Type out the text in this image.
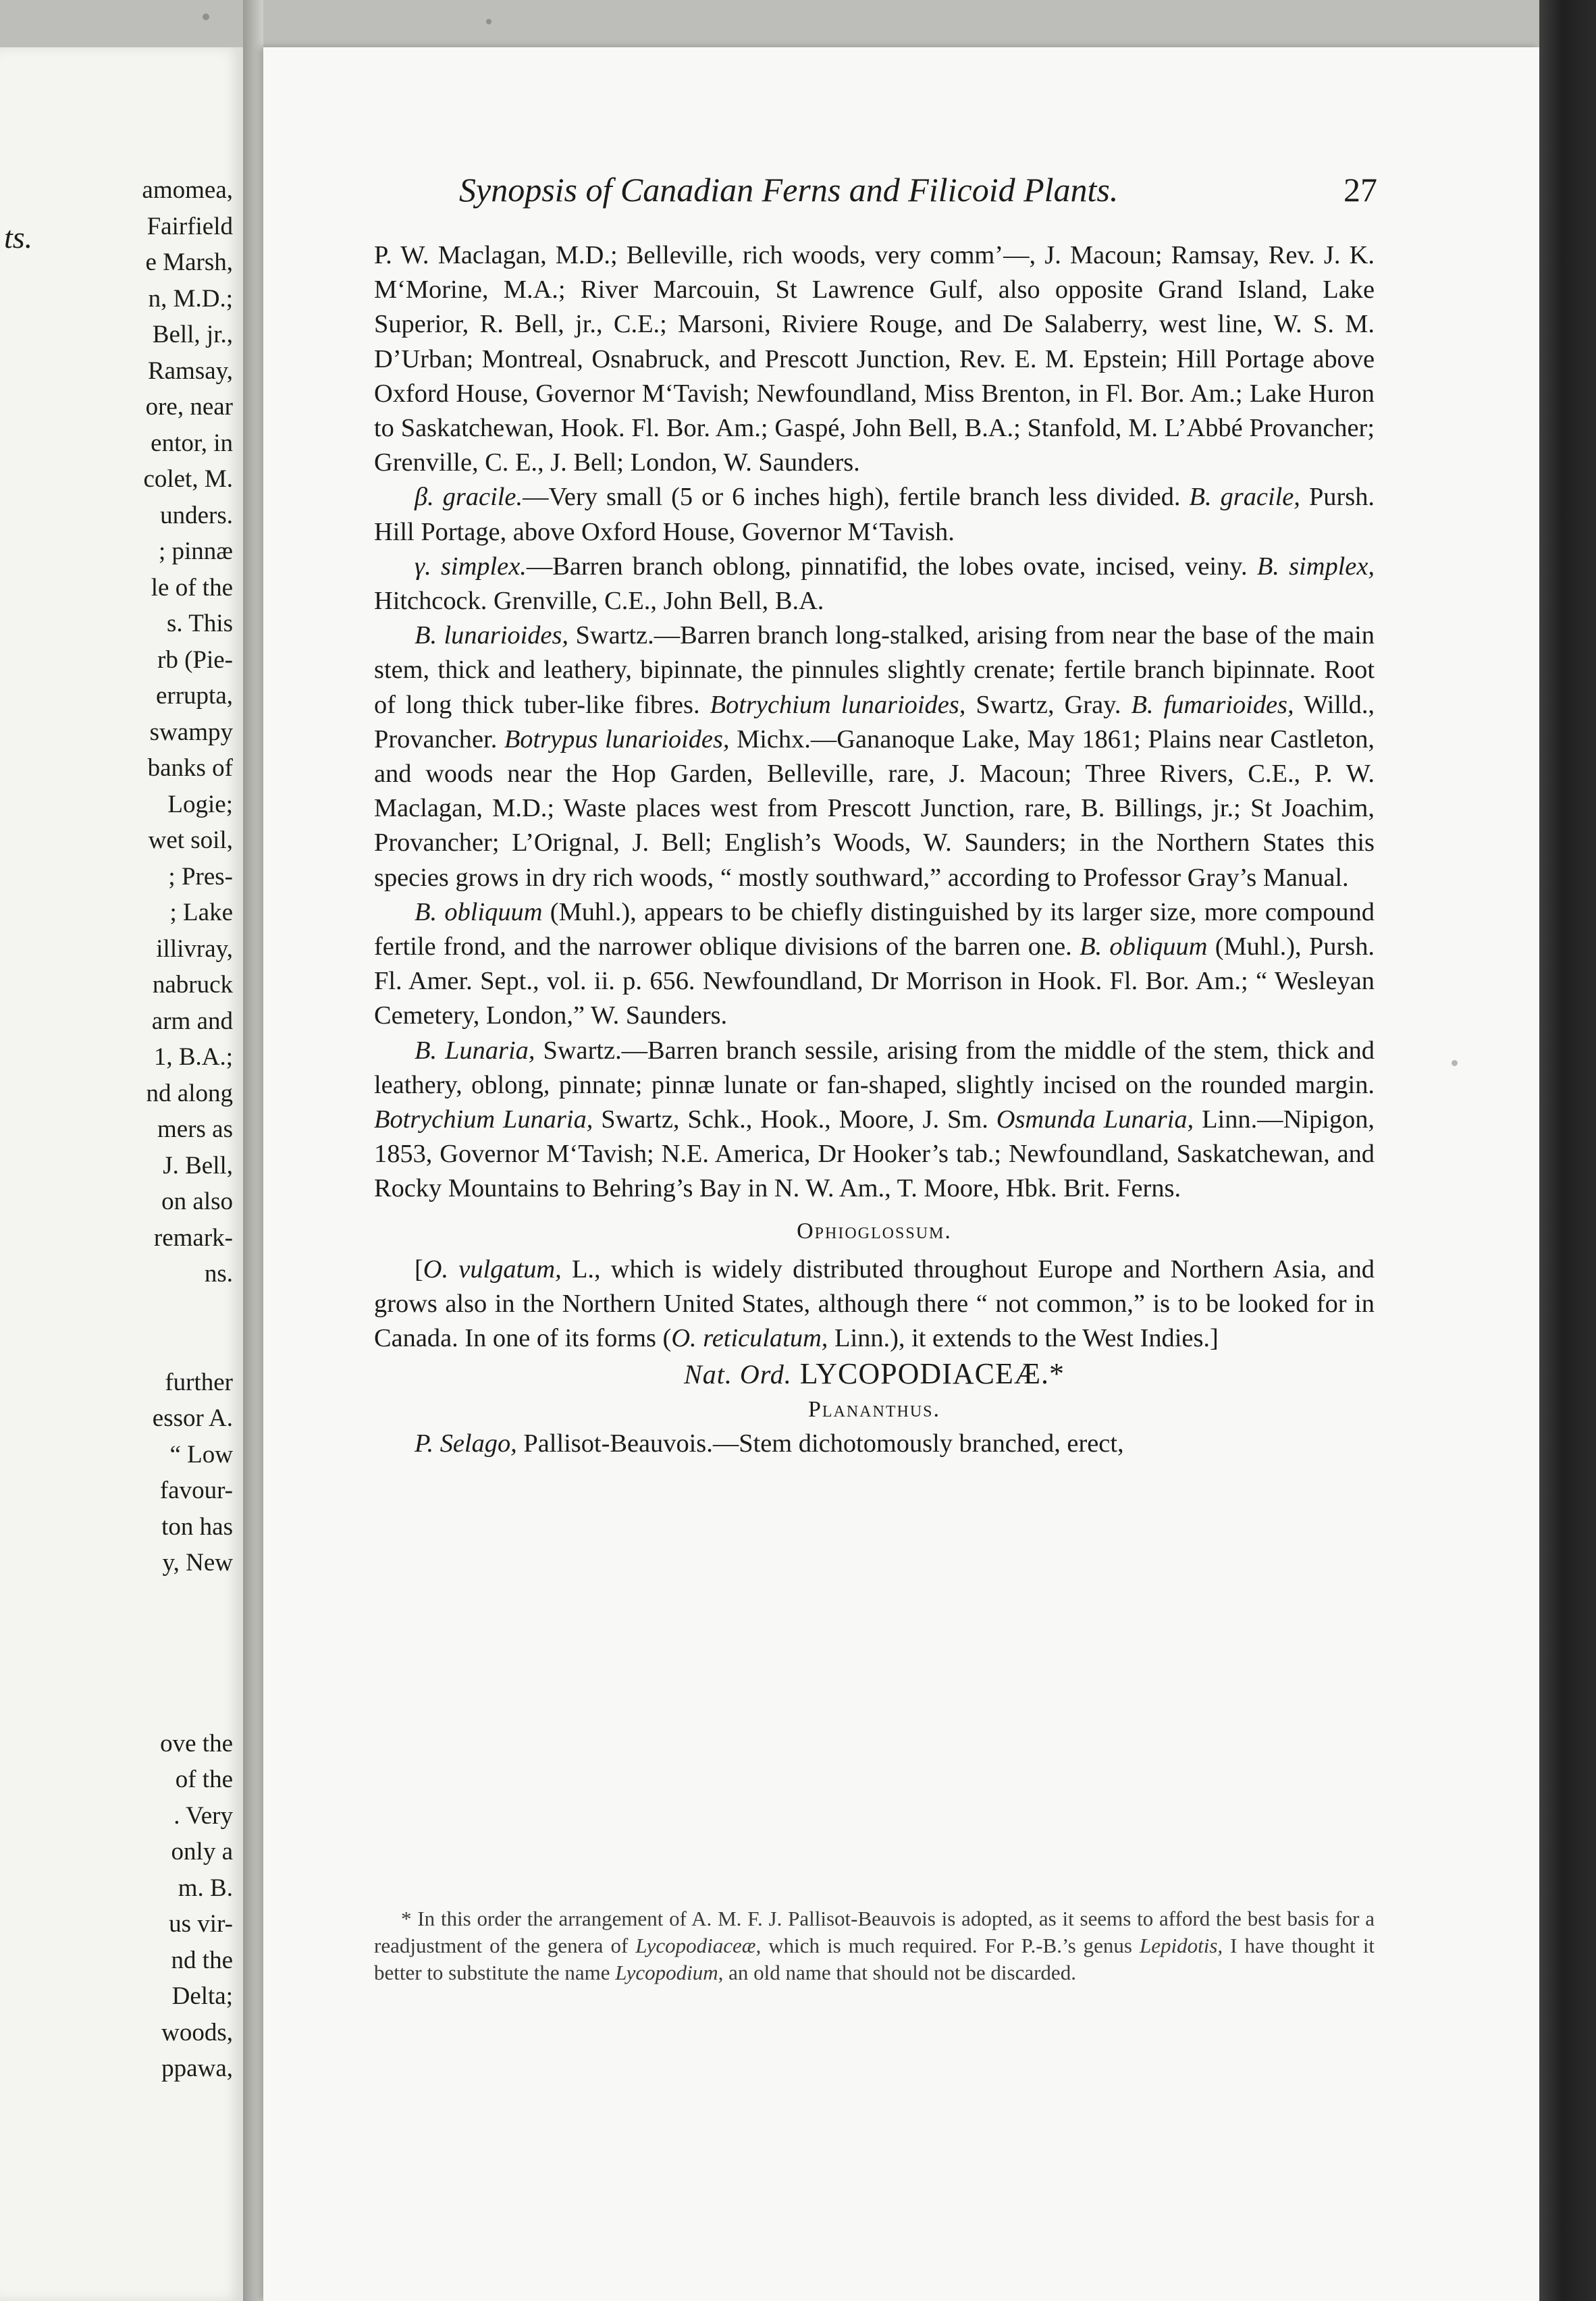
ts.
amomea,
Fairfield
e Marsh,
n, M.D.;
Bell, jr.,
Ramsay,
ore, near
entor, in
colet, M.
unders.
; pinnæ
le of the
s. This
rb (Pie-
errupta,
swampy
banks of
Logie;
wet soil,
; Pres-
; Lake
illivray,
nabruck
arm and
1, B.A.;
nd along
mers as
J. Bell,
on also
remark-
ns.
further
essor A.
“ Low
favour-
ton has
y, New
ove the
of the
. Very
only a
m. B.
us vir-
nd the
Delta;
woods,
ppawa,
Synopsis of Canadian Ferns and Filicoid Plants.	27

P. W. Maclagan, M.D.; Belleville, rich woods, very comm’—, J. Macoun; Ramsay, Rev. J. K. M‘Morine, M.A.; River Marcouin, St Lawrence Gulf, also opposite Grand Island, Lake Superior, R. Bell, jr., C.E.; Marsoni, Riviere Rouge, and De Salaberry, west line, W. S. M. D’Urban; Montreal, Osnabruck, and Prescott Junction, Rev. E. M. Epstein; Hill Portage above Oxford House, Governor M‘Tavish; Newfoundland, Miss Brenton, in Fl. Bor. Am.; Lake Huron to Saskatchewan, Hook. Fl. Bor. Am.; Gaspé, John Bell, B.A.; Stanfold, M. L’Abbé Provancher; Grenville, C. E., J. Bell; London, W. Saunders.

β. gracile.—Very small (5 or 6 inches high), fertile branch less divided. B. gracile, Pursh. Hill Portage, above Oxford House, Governor M‘Tavish.

γ. simplex.—Barren branch oblong, pinnatifid, the lobes ovate, incised, veiny. B. simplex, Hitchcock. Grenville, C.E., John Bell, B.A.

B. lunarioides, Swartz.—Barren branch long-stalked, arising from near the base of the main stem, thick and leathery, bipinnate, the pinnules slightly crenate; fertile branch bipinnate. Root of long thick tuber-like fibres. Botrychium lunarioides, Swartz, Gray. B. fumarioides, Willd., Provancher. Botrypus lunarioides, Michx.—Gananoque Lake, May 1861; Plains near Castleton, and woods near the Hop Garden, Belleville, rare, J. Macoun; Three Rivers, C.E., P. W. Maclagan, M.D.; Waste places west from Prescott Junction, rare, B. Billings, jr.; St Joachim, Provancher; L’Orignal, J. Bell; English’s Woods, W. Saunders; in the Northern States this species grows in dry rich woods, “ mostly southward,” according to Professor Gray’s Manual.

B. obliquum (Muhl.), appears to be chiefly distinguished by its larger size, more compound fertile frond, and the narrower oblique divisions of the barren one. B. obliquum (Muhl.), Pursh. Fl. Amer. Sept., vol. ii. p. 656. Newfoundland, Dr Morrison in Hook. Fl. Bor. Am.; “ Wesleyan Cemetery, London,” W. Saunders.

B. Lunaria, Swartz.—Barren branch sessile, arising from the middle of the stem, thick and leathery, oblong, pinnate; pinnæ lunate or fan-shaped, slightly incised on the rounded margin. Botrychium Lunaria, Swartz, Schk., Hook., Moore, J. Sm. Osmunda Lunaria, Linn.—Nipigon, 1853, Governor M‘Tavish; N.E. America, Dr Hooker’s tab.; Newfoundland, Saskatchewan, and Rocky Mountains to Behring’s Bay in N. W. Am., T. Moore, Hbk. Brit. Ferns.

Ophioglossum.

[O. vulgatum, L., which is widely distributed throughout Europe and Northern Asia, and grows also in the Northern United States, although there “ not common,” is to be looked for in Canada. In one of its forms (O. reticulatum, Linn.), it extends to the West Indies.]

Nat. Ord. LYCOPODIACEÆ.*

Plananthus.

P. Selago, Pallisot-Beauvois.—Stem dichotomously branched, erect,

* In this order the arrangement of A. M. F. J. Pallisot-Beauvois is adopted, as it seems to afford the best basis for a readjustment of the genera of Lycopodiaceæ, which is much required. For P.-B.’s genus Lepidotis, I have thought it better to substitute the name Lycopodium, an old name that should not be discarded.
